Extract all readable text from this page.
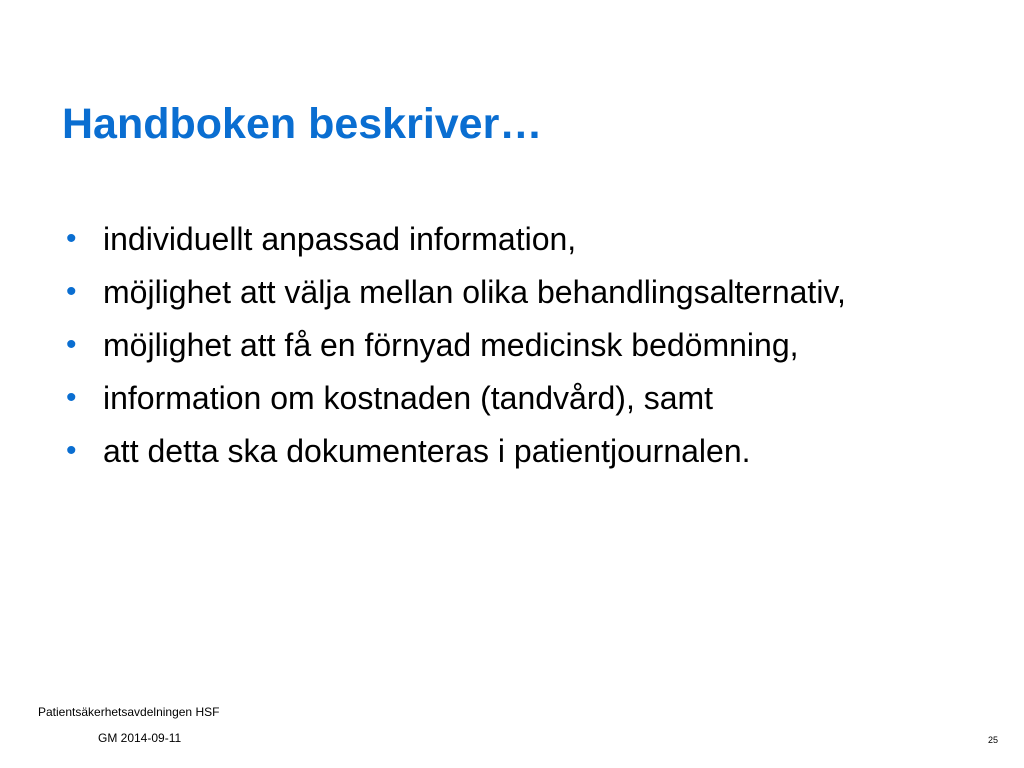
Handboken beskriver…
• individuellt anpassad information,
• möjlighet att välja mellan olika behandlingsalternativ,
• möjlighet att få en förnyad medicinsk bedömning,
• information om kostnaden (tandvård), samt
• att detta ska dokumenteras i patientjournalen.
Patientsäkerhetsavdelningen HSF
GM 2014-09-11	25
